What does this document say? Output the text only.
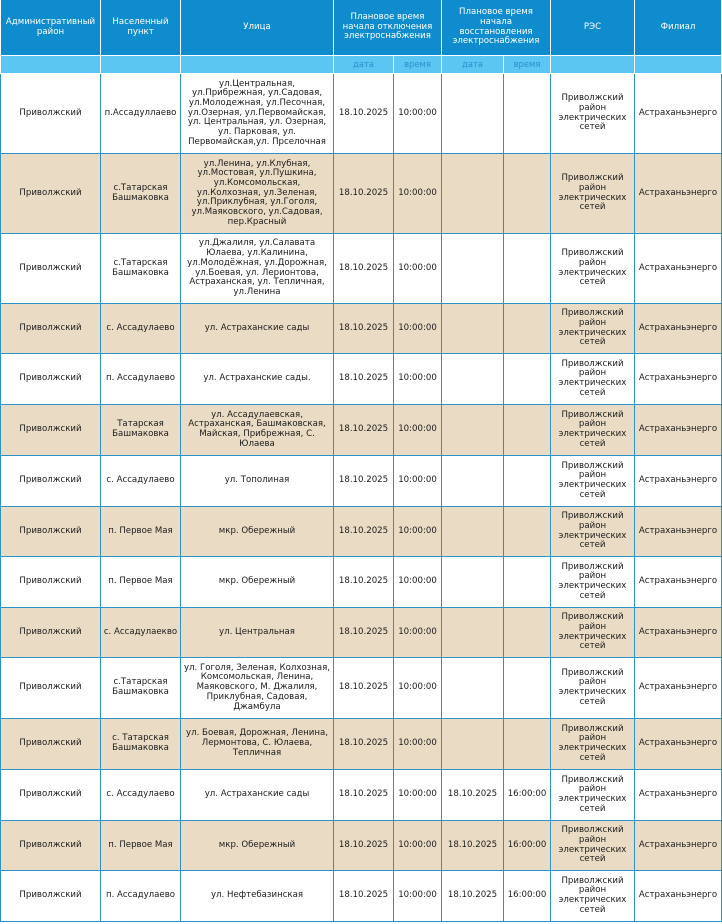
Административный район	Населенный пункт	Улица	Плановое время начала отключения электроснабжения		Плановое время начала восстановления электроснабжения		РЭС	Филиал
			дата	время	дата	время		
Приволжский	п.Ассадуллаево	ул.Центральная, ул.Прибрежная, ул.Садовая, ул.Молодежная, ул.Песочная, ул.Озерная, ул.Первомайская, ул. Центральная, ул. Озерная, ул. Парковая, ул. Первомайская,ул. Прселочная	18.10.2025	10:00:00			Приволжский район электрических сетей	Астраханьэнерго
Приволжский	с.Татарская Башмаковка	ул.Ленина, ул.Клубная, ул.Мостовая, ул.Пушкина, ул.Комсомольская, ул.Колхозная, ул.Зеленая, ул.Приклубная, ул.Гоголя, ул.Маяковского, ул.Садовая, пер.Красный	18.10.2025	10:00:00			Приволжский район электрических сетей	Астраханьэнерго
Приволжский	с.Татарская Башмаковка	ул.Джалиля, ул.Салавата Юлаева, ул.Калинина, ул.Молодёжная, ул.Дорожная, ул.Боевая, ул. Лерионтова, Астраханская, ул. Тепличная, ул.Ленина	18.10.2025	10:00:00			Приволжский район электрических сетей	Астраханьэнерго
Приволжский	с. Ассадулаево	ул. Астраханские сады	18.10.2025	10:00:00			Приволжский район электрических сетей	Астраханьэнерго
Приволжский	п. Ассадулаево	ул. Астраханские сады.	18.10.2025	10:00:00			Приволжский район электрических сетей	Астраханьэнерго
Приволжский	Татарская Башмаковка	ул. Ассадулаевская, Астраханская, Башмаковская, Майская, Прибрежная, С. Юлаева	18.10.2025	10:00:00			Приволжский район электрических сетей	Астраханьэнерго
Приволжский	с. Ассадулаево	ул. Тополиная	18.10.2025	10:00:00			Приволжский район электрических сетей	Астраханьэнерго
Приволжский	п. Первое Мая	мкр. Обережный	18.10.2025	10:00:00			Приволжский район электрических сетей	Астраханьэнерго
Приволжский	п. Первое Мая	мкр. Обережный	18.10.2025	10:00:00			Приволжский район электрических сетей	Астраханьэнерго
Приволжский	с. Ассадулаекво	ул. Центральная	18.10.2025	10:00:00			Приволжский район электрических сетей	Астраханьэнерго
Приволжский	с.Татарская Башмаковка	ул. Гоголя, Зеленая, Колхозная, Комсомольская, Ленина, Маяковского, М. Джалиля, Приклубная, Садовая, Джамбула	18.10.2025	10:00:00			Приволжский район электрических сетей	Астраханьэнерго
Приволжский	с. Татарская Башмаковка	ул. Боевая, Дорожная, Ленина, Лермонтова, С. Юлаева, Тепличная	18.10.2025	10:00:00			Приволжский район электрических сетей	Астраханьэнерго
Приволжский	с. Ассадулаево	ул. Астраханские сады	18.10.2025	10:00:00	18.10.2025	16:00:00	Приволжский район электрических сетей	Астраханьэнерго
Приволжский	п. Первое Мая	мкр. Обережный	18.10.2025	10:00:00	18.10.2025	16:00:00	Приволжский район электрических сетей	Астраханьэнерго
Приволжский	п. Ассадулаево	ул. Нефтебазинская	18.10.2025	10:00:00	18.10.2025	16:00:00	Приволжский район электрических сетей	Астраханьэнерго
